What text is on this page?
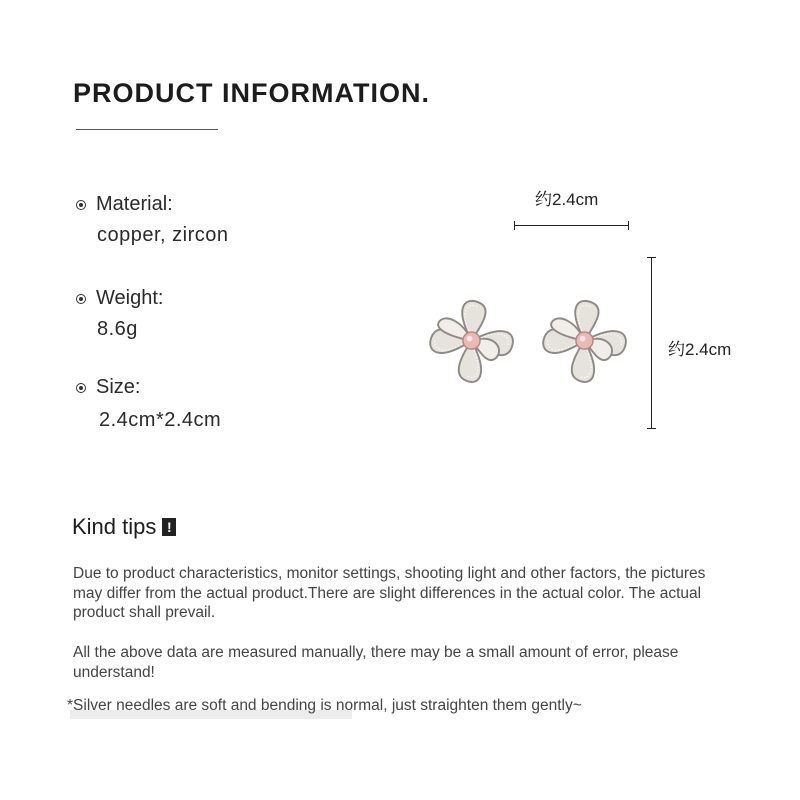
PRODUCT INFORMATION.
Material:
copper, zircon
Weight:
8.6g
Size:
2.4cm*2.4cm
约2.4cm
约2.4cm
Kind tips !
Due to product characteristics, monitor settings, shooting light and other factors, the pictures may differ from the actual product.There are slight differences in the actual color. The actual product shall prevail.
All the above data are measured manually, there may be a small amount of error, please understand!
*Silver needles are soft and bending is normal, just straighten them gently~
